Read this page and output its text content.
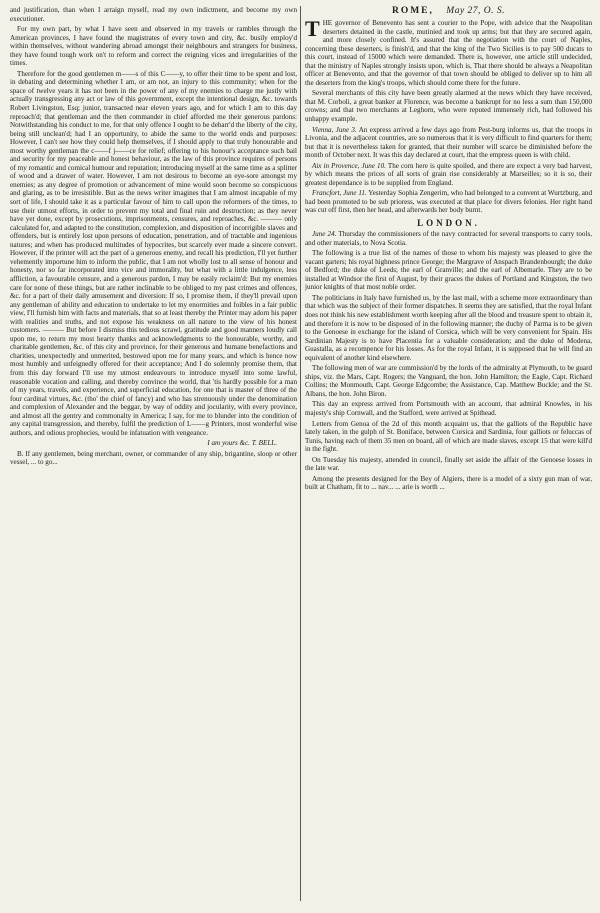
and justification, than when I arraign myself, read my own indictment, and become my own executioner.

For my own part, by what I have seen and observed in my travels or rambles through the American provinces, I have found the magistrates of every town and city, &c. busily employ'd within themselves, without wandering abroad amongst their neighbours and strangers for business, they have found tough work on't to reform and correct the reigning vices and irregularities of the times.

Therefore for the good gentlemen m——s of this C——y, to offer their time to be spent and lost, in debating and determining whether I am, or am not, an injury to this community; when for the space of twelve years it has not been in the power of any of my enemies to charge me justly with actually transgressing any act or law of this government, except the intentional design, &c. towards Robert Livingston, Esq; junior, transacted near eleven years ago, and for which I am to this day reproach'd; that gentleman and the then commander in chief afforded me their generous pardons: Notwithstanding his conduct to me, for that only offence I ought to be debarr'd the liberty of the city, being still unclean'd; had I an opportunity, to abide the same to the world ends and purposes: However, I can't see how they could help themselves, if I should apply to that truly honourable and most worthy gentleman the c——f j——ce for relief; offering to his honour's acceptance such bail and security for my peaceable and honest behaviour, as the law of this province requires of persons of my romantic and comical humour and reputation; introducing myself at the same time as a splitter of wood and a drawer of water. However, I am not desirous to become an eye-sore amongst my enemies; as any degree of promotion or advancement of mine would soon become so conspicuous and glaring, as to be irresistible. But as the news writer imagines that I am almost incapable of my sort of life, I should take it as a particular favour of him to call upon the reformers of the times, to use their utmost efforts, in order to prevent my total and final ruin and destruction; as they never have yet done, except by prosecutions, imprisonments, censures, and reproaches, &c. ——— only calculated for, and adapted to the constitution, complexion, and disposition of incorrigible slaves and offenders, but is entirely lost upon persons of education, penetration, and of tractable and ingenious natures; and when has produced multitudes of hypocrites, but scarcely ever made a sincere convert. However, if the printer will act the part of a generous enemy, and recall his prediction, I'll yet further vehemently importune him to inform the public, that I am not wholly lost to all sense of honour and honesty, nor so far incorporated into vice and immorality, but what with a little indulgence, less affliction, a favourable censure, and a generous pardon, I may be easily reclaim'd: But my enemies care for none of these things, but are rather inclinable to be obliged to my past crimes and offences, &c. for a part of their daily amusement and diversion: If so, I promise them, if they'll prevail upon any gentleman of ability and education to undertake to let my enormities and foibles in a fair public view, I'll furnish him with facts and materials, that so at least thereby the Printer may adorn his paper with realities and truths, and not expose his weakness on all nature to the view of his honest customers. ——— But before I dismiss this tedious scrawl, gratitude and good manners loudly call upon me, to return my most hearty thanks and acknowledgments to the honourable, worthy, and charitable gentlemen, &c. of this city and province, for their generous and humane benefactions and charities, unexpectedly and unmerited, bestowed upon me for many years, and which is hence now most humbly and unfeignedly offered for their acceptance; And I do solemnly promise them, that from this day forward I'll use my utmost endeavours to introduce myself into some lawful, reasonable vocation and calling, and thereby convince the world, that 'tis hardly possible for a man of my years, travels, and experience, and superficial education, for one that is master of three of the four cardinal virtues, &c. (tho' the chief of fancy) and who has strenuously under the denomination and complexion of Alexander and the beggar, by way of oddity and jocularity, with every province, and almost all the gentry and commonalty in America; I say, for me to blunder into the condition of any capital transgression, and thereby, fulfil the prediction of L——g Printers, most wonderful wise authors, and odious prophecies, would be infatuation with vengeance.

I am yours &c. T. BELL.

B. If any gentlemen, being merchant, owner, or commander of any ship, brigantine, sloop or other vessel, ... to go...

ROME, May 27, O. S.

THE governor of Benevento has sent a courier to the Pope, with advice that the Neapolitan deserters detained in the castle, mutinied and took up arms; but that they are secured again, and more closely confined. It's assured that the negotiation with the court of Naples, concerning these deserters, is finish'd, and that the king of the Two Sicilies is to pay 500 ducats to this court, instead of 15000 which were demanded. There is, however, one article still undecided, that the ministry of Naples strongly insists upon, which is, That there should be always a Neapolitan officer at Benevento, and that the governor of that town should be obliged to deliver up to him all the deserters from the king's troops, which should come there for the future.

Several merchants of this city have been greatly alarmed at the news which they have received, that M. Corboli, a great banker at Florence, was become a bankrupt for no less a sum than 150,000 crowns; and that two merchants at Leghorn, who were reputed immensely rich, had followed his unhappy example.

Vienna, June 3. An express arrived a few days ago from Pest-burg informs us, that the troops in Livonia, and the adjacent countries, are so numerous that it is very difficult to find quarters for them; but that it is nevertheless taken for granted, that their number will scarce be diminished before the month of October next. It was this day declared at court, that the empress queen is with child.

Aix in Provence, June 10. The corn here is quite spoiled, and there are expect a very bad harvest, by which means the prices of all sorts of grain rise considerably at Marseilles; so it is so, their greatest dependance is to be supplied from England.

Francfort, June 11. Yesterday Sophia Zengerim, who had belonged to a convent at Wurtzburg, and had been promoted to be sub prioress, was executed at that place for divers felonies. Her right hand was cut off first, then her head, and afterwards her body burnt.

LONDON.

June 24. Thursday the commissioners of the navy contracted for several transports to carry tools, and other materials, to Nova Scotia.

The following is a true list of the names of those to whom his majesty was pleased to give the vacant garters; his royal highness prince George; the Margrave of Anspach Brandenbourgh; the duke of Bedford; the duke of Leeds; the earl of Granville; and the earl of Albemarle. They are to be installed at Windsor the first of August, by their graces the dukes of Portland and Kingston, the two junior knights of that most noble order.

The politicians in Italy have furnished us, by the last mail, with a scheme more extraordinary than that which was the subject of their former dispatches. It seems they are satisfied, that the royal Infant does not think his new establishment worth keeping after all the blood and treasure spent to obtain it, and therefore it is now to be disposed of in the following manner; the duchy of Parma is to be given to the Genoese in exchange for the island of Corsica, which will be very convenient for Spain. His Sardinian Majesty is to have Placentia for a valuable consideration; and the duke of Modena, Guastalla, as a recompence for his losses. As for the royal Infant, it is supposed that he will find an equivalent of another kind elsewhere.

The following men of war are commission'd by the lords of the admiralty at Plymouth, to be guard ships, viz. the Mars, Capt. Rogers; the Vanguard, the hon. John Hamilton; the Eagle, Capt. Richard Collins; the Monmouth, Capt. George Edgcombe; the Assistance, Cap. Matthew Buckle; and the St. Albans, the hon. John Biron.

This day an express arrived from Portsmouth with an account, that admiral Knowles, in his majesty's ship Cornwall, and the Stafford, were arrived at Spithead.

Letters from Genoa of the 2d of this month acquaint us, that the galliots of the Republic have lately taken, in the gulph of St. Boniface, between Corsica and Sardinia, four galliots or feluccas of Tunis, having each of them 35 men on board, all of which are made slaves, except 15 that were kill'd in the fight.

On Tuesday his majesty, attended in council, finally set aside the affair of the Genoese losses in the late war.

Among the presents designed for the Bey of Algiers, there is a model of a sixty gun man of war, built at Chatham, fit to ... nav... ... arie is worth ...
